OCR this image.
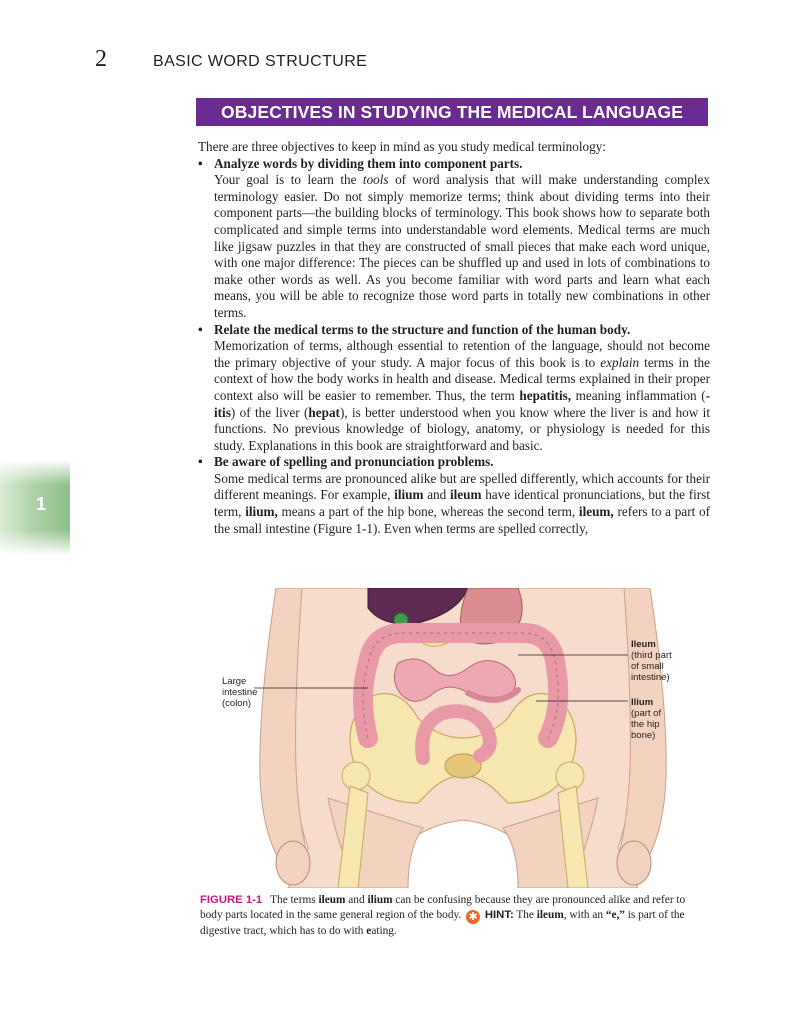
2	BASIC WORD STRUCTURE
1
OBJECTIVES IN STUDYING THE MEDICAL LANGUAGE

There are three objectives to keep in mind as you study medical terminology:

• Analyze words by dividing them into component parts.

Your goal is to learn the tools of word analysis that will make understanding complex terminology easier. Do not simply memorize terms; think about dividing terms into their component parts—the building blocks of terminology. This book shows how to separate both complicated and simple terms into understandable word elements. Medical terms are much like jigsaw puzzles in that they are constructed of small pieces that make each word unique, with one major difference: The pieces can be shuffled up and used in lots of combinations to make other words as well. As you become familiar with word parts and learn what each means, you will be able to recognize those word parts in totally new combinations in other terms.

• Relate the medical terms to the structure and function of the human body.

Memorization of terms, although essential to retention of the language, should not become the primary objective of your study. A major focus of this book is to explain terms in the context of how the body works in health and disease. Medical terms explained in their proper context also will be easier to remember. Thus, the term hepatitis, meaning inflammation (-itis) of the liver (hepat), is better understood when you know where the liver is and how it functions. No previous knowledge of biology, anatomy, or physiology is needed for this study. Explanations in this book are straightforward and basic.

• Be aware of spelling and pronunciation problems.

Some medical terms are pronounced alike but are spelled differently, which accounts for their different meanings. For example, ilium and ileum have identical pronunciations, but the first term, ilium, means a part of the hip bone, whereas the second term, ileum, refers to a part of the small intestine (Figure 1-1). Even when terms are spelled correctly,

Large
intestine
(colon)
Ileum
(third part
of small
intestine)
Ilium
(part of
the hip
bone)
FIGURE 1-1 The terms ileum and ilium can be confusing because they are pronounced alike and refer to body parts located in the same general region of the body. ✱ HINT: The ileum, with an “e,” is part of the digestive tract, which has to do with eating.
